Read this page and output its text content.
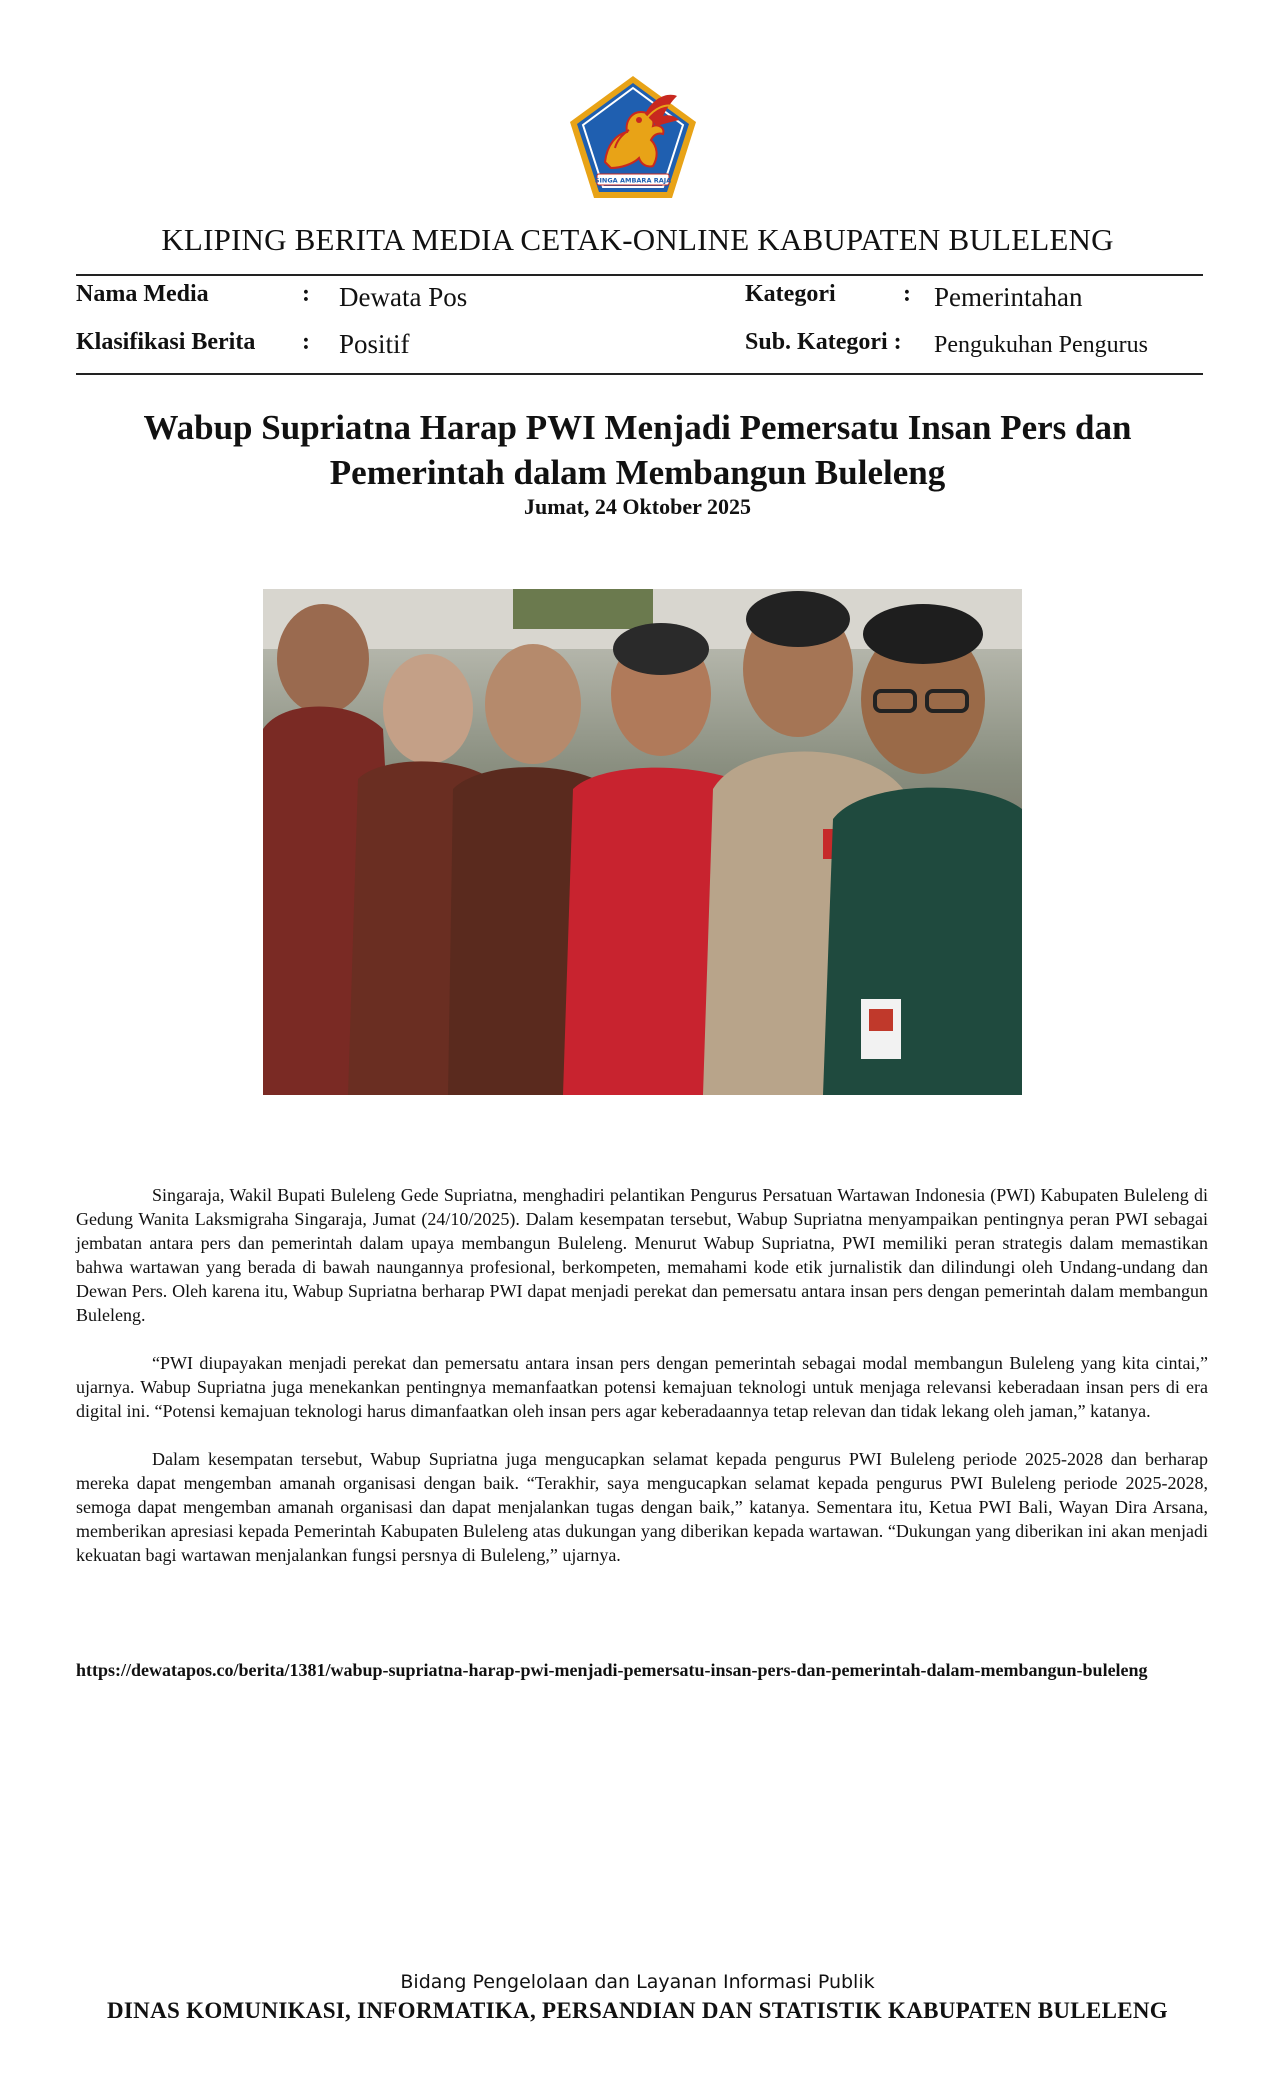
SINGA AMBARA RAJA
KLIPING BERITA MEDIA CETAK-ONLINE KABUPATEN BULELENG
Nama Media	: Dewata Pos	Kategori	: Pemerintahan
Klasifikasi Berita : Positif	Sub. Kategori : Pengukuhan Pengurus
Wabup Supriatna Harap PWI Menjadi Pemersatu Insan Pers dan
Pemerintah dalam Membangun Buleleng
Jumat, 24 Oktober 2025

Singaraja, Wakil Bupati Buleleng Gede Supriatna, menghadiri pelantikan Pengurus Persatuan Wartawan Indonesia (PWI) Kabupaten Buleleng di Gedung Wanita Laksmigraha Singaraja, Jumat (24/10/2025). Dalam kesempatan tersebut, Wabup Supriatna menyampaikan pentingnya peran PWI sebagai jembatan antara pers dan pemerintah dalam upaya membangun Buleleng. Menurut Wabup Supriatna, PWI memiliki peran strategis dalam memastikan bahwa wartawan yang berada di bawah naungannya profesional, berkompeten, memahami kode etik jurnalistik dan dilindungi oleh Undang-undang dan Dewan Pers. Oleh karena itu, Wabup Supriatna berharap PWI dapat menjadi perekat dan pemersatu antara insan pers dengan pemerintah dalam membangun Buleleng.

“PWI diupayakan menjadi perekat dan pemersatu antara insan pers dengan pemerintah sebagai modal membangun Buleleng yang kita cintai,” ujarnya. Wabup Supriatna juga menekankan pentingnya memanfaatkan potensi kemajuan teknologi untuk menjaga relevansi keberadaan insan pers di era digital ini. “Potensi kemajuan teknologi harus dimanfaatkan oleh insan pers agar keberadaannya tetap relevan dan tidak lekang oleh jaman,” katanya.

Dalam kesempatan tersebut, Wabup Supriatna juga mengucapkan selamat kepada pengurus PWI Buleleng periode 2025-2028 dan berharap mereka dapat mengemban amanah organisasi dengan baik. “Terakhir, saya mengucapkan selamat kepada pengurus PWI Buleleng periode 2025-2028, semoga dapat mengemban amanah organisasi dan dapat menjalankan tugas dengan baik,” katanya. Sementara itu, Ketua PWI Bali, Wayan Dira Arsana, memberikan apresiasi kepada Pemerintah Kabupaten Buleleng atas dukungan yang diberikan kepada wartawan. “Dukungan yang diberikan ini akan menjadi kekuatan bagi wartawan menjalankan fungsi persnya di Buleleng,” ujarnya.

https://dewatapos.co/berita/1381/wabup-supriatna-harap-pwi-menjadi-pemersatu-insan-pers-dan-pemerintah-dalam-membangun-buleleng
Bidang Pengelolaan dan Layanan Informasi Publik
DINAS KOMUNIKASI, INFORMATIKA, PERSANDIAN DAN STATISTIK KABUPATEN BULELENG
